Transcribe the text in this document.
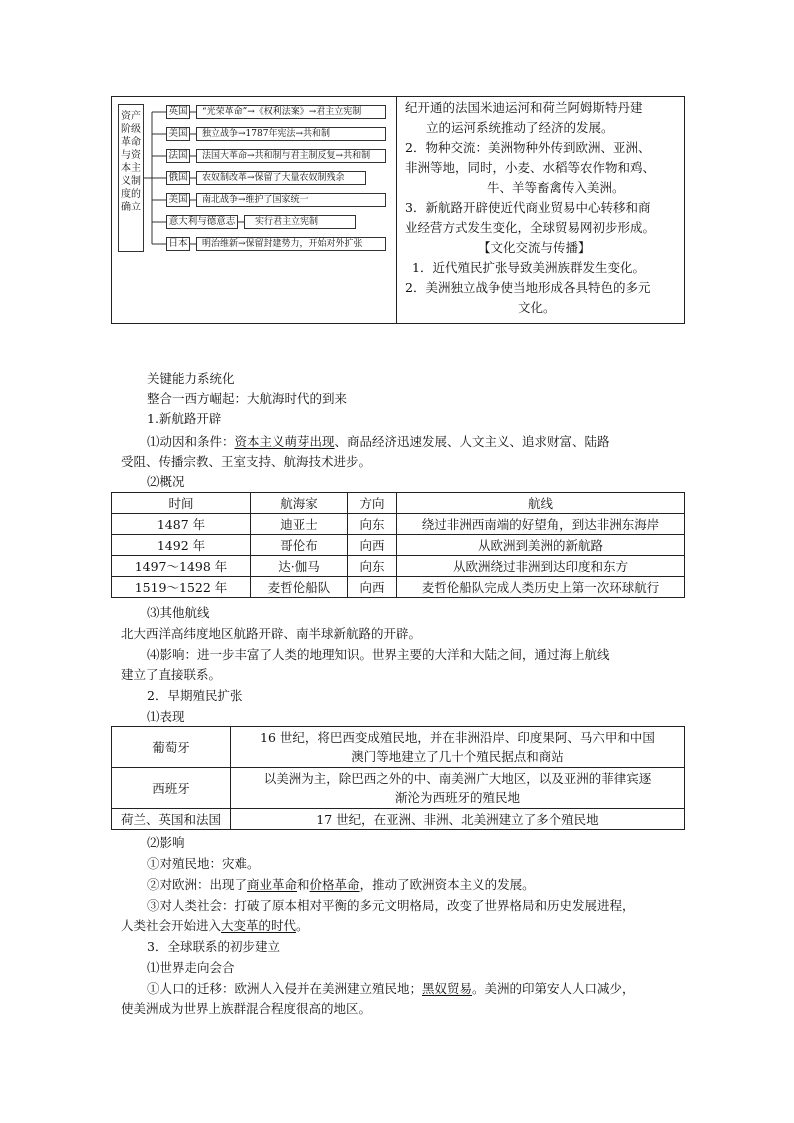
资产
阶级
革命
与资
本主
义制
度的
确立
英国	“光荣革命”→《权利法案》→君主立宪制
美国	独立战争→1787年宪法→共和制
法国	法国大革命→共和制与君主制反复→共和制
俄国	农奴制改革→保留了大量农奴制残余
美国	南北战争→维护了国家统一
意大利与德意志	实行君主立宪制
日本	明治维新→保留封建势力，开始对外扩张
纪开通的法国米迪运河和荷兰阿姆斯特丹建
立的运河系统推动了经济的发展。
2．物种交流：美洲物种外传到欧洲、亚洲、
非洲等地，同时，小麦、水稻等农作物和鸡、
牛、羊等畜禽传入美洲。
3．新航路开辟使近代商业贸易中心转移和商
业经营方式发生变化，全球贸易网初步形成。
【文化交流与传播】
1．近代殖民扩张导致美洲族群发生变化。
2．美洲独立战争使当地形成各具特色的多元
文化。
关键能力系统化
整合一西方崛起：大航海时代的到来
1.新航路开辟
⑴动因和条件：资本主义萌芽出现、商品经济迅速发展、人文主义、追求财富、陆路
受阻、传播宗教、王室支持、航海技术进步。
⑵概况
时间	航海家	方向	航线
1487 年	迪亚士	向东	绕过非洲西南端的好望角，到达非洲东海岸
1492 年	哥伦布	向西	从欧洲到美洲的新航路
1497～1498 年	达·伽马	向东	从欧洲绕过非洲到达印度和东方
1519～1522 年	麦哲伦船队	向西	麦哲伦船队完成人类历史上第一次环球航行
⑶其他航线
北大西洋高纬度地区航路开辟、南半球新航路的开辟。
⑷影响：进一步丰富了人类的地理知识。世界主要的大洋和大陆之间，通过海上航线
建立了直接联系。
2．早期殖民扩张
⑴表现
葡萄牙	16 世纪，将巴西变成殖民地，并在非洲沿岸、印度果阿、马六甲和中国
澳门等地建立了几十个殖民据点和商站

西班牙	以美洲为主，除巴西之外的中、南美洲广大地区，以及亚洲的菲律宾逐
渐沦为西班牙的殖民地

荷兰、英国和法国	17 世纪，在亚洲、非洲、北美洲建立了多个殖民地
⑵影响
①对殖民地：灾难。
②对欧洲：出现了商业革命和价格革命，推动了欧洲资本主义的发展。
③对人类社会：打破了原本相对平衡的多元文明格局，改变了世界格局和历史发展进程，
人类社会开始进入大变革的时代。
3．全球联系的初步建立
⑴世界走向会合
①人口的迁移：欧洲人入侵并在美洲建立殖民地；黑奴贸易。美洲的印第安人人口减少，
使美洲成为世界上族群混合程度很高的地区。
